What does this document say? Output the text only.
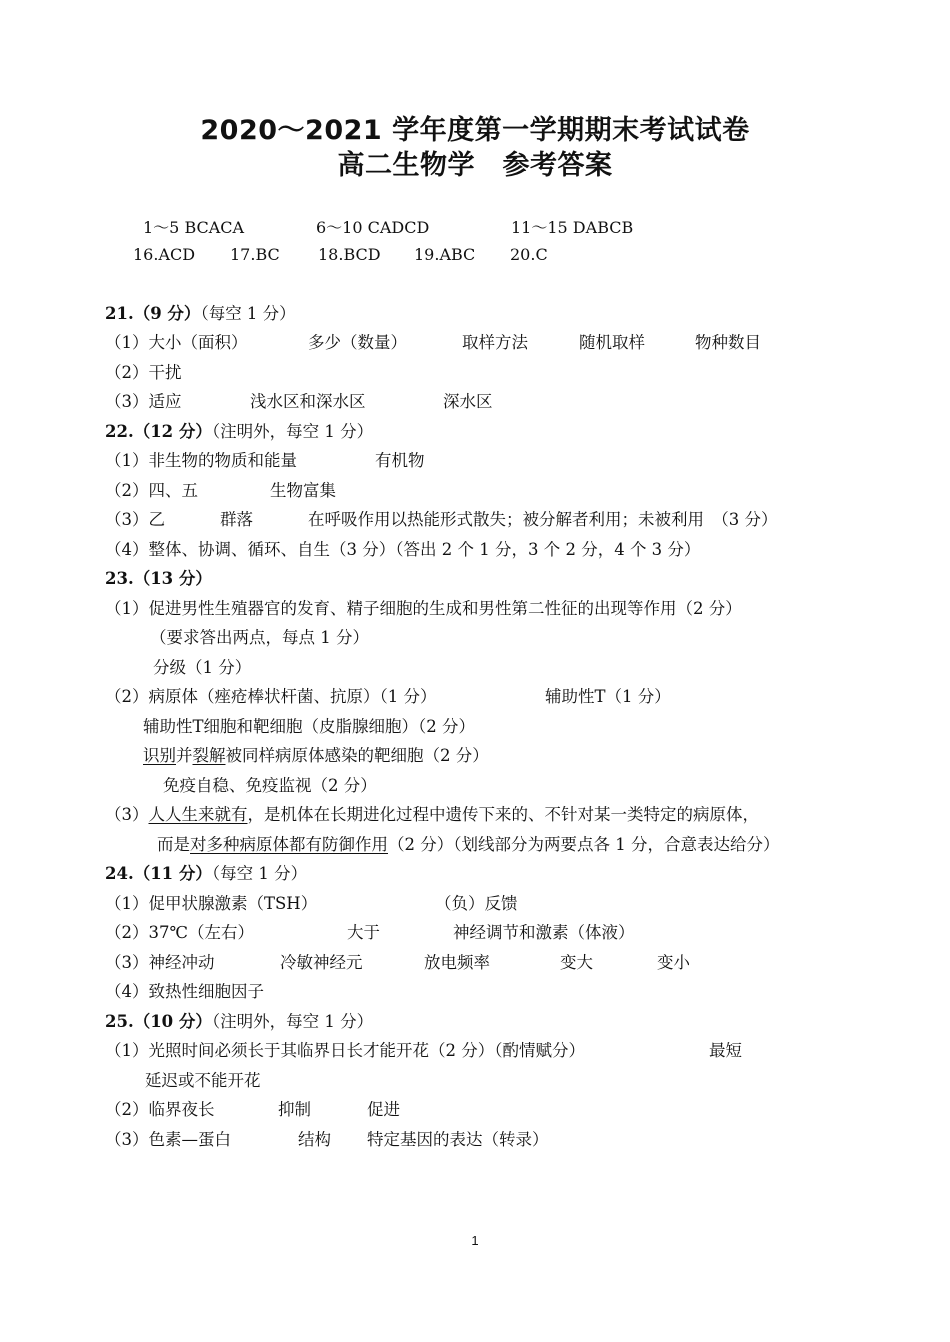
2020～2021 学年度第一学期期末考试试卷
高二生物学　参考答案
1～5 BCACA	6～10 CADCD	11～15 DABCB
16.ACD 17.BC 18.BCD 19.ABC 20.C
21.（9 分）（每空 1 分）
（1）大小（面积）	多少（数量）	取样方法	随机取样	物种数目
（2）干扰
（3）适应	浅水区和深水区	深水区
22.（12 分）（注明外，每空 1 分）
（1）非生物的物质和能量	有机物
（2）四、五	生物富集
（3）乙	群落	在呼吸作用以热能形式散失；被分解者利用；未被利用　（3 分）
（4）整体、协调、循环、自生（3 分）（答出 2 个 1 分，3 个 2 分，4 个 3 分）
23.（13 分）
（1）促进男性生殖器官的发育、精子细胞的生成和男性第二性征的出现等作用（2 分）
（要求答出两点，每点 1 分）
分级（1 分）
（2）病原体（痤疮棒状杆菌、抗原）（1 分）	辅助性T（1 分）
辅助性T细胞和靶细胞（皮脂腺细胞）（2 分）
识别并裂解被同样病原体感染的靶细胞（2 分）
免疫自稳、免疫监视（2 分）
（3）人人生来就有，是机体在长期进化过程中遗传下来的、不针对某一类特定的病原体，
而是对多种病原体都有防御作用（2 分）（划线部分为两要点各 1 分，合意表达给分）
24.（11 分）（每空 1 分）
（1）促甲状腺激素（TSH）	（负）反馈
（2）37℃（左右）	大于	神经调节和激素（体液）
（3）神经冲动	冷敏神经元	放电频率	变大	变小
（4）致热性细胞因子
25.（10 分）（注明外，每空 1 分）
（1）光照时间必须长于其临界日长才能开花（2 分）（酌情赋分）	最短
延迟或不能开花
（2）临界夜长	抑制	促进
（3）色素—蛋白	结构 特定基因的表达（转录）
1
